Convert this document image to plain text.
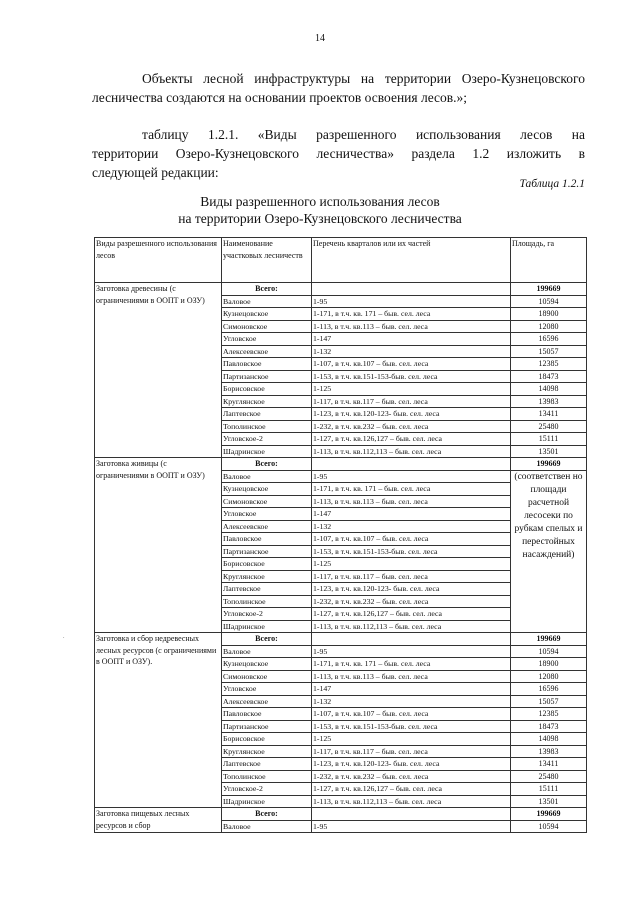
14
Объекты лесной инфраструктуры на территории Озеро-Кузнецовского
лесничества создаются на основании проектов освоения лесов.»;
таблицу 1.2.1. «Виды разрешенного использования лесов на
территории Озеро-Кузнецовского лесничества» раздела 1.2 изложить в
следующей редакции:
Таблица 1.2.1
Виды разрешенного использования лесов
на территории Озеро-Кузнецовского лесничества
Виды разрешенного использования лесов	Наименование участковых лесничеств	Перечень кварталов или их частей	Площадь, га
Заготовка древесины (с ограничениями в ООПТ и ОЗУ)	Всего:		199669
	Валовое	1-95	10594
	Кузнецовское	1-171, в т.ч. кв. 171 – быв. сел. леса	18900
	Симоновское	1-113, в т.ч. кв.113 – быв. сел. леса	12080
	Угловское	1-147	16596
	Алексеевское	1-132	15057
	Павловское	1-107, в т.ч. кв.107 – быв. сел. леса	12385
	Партизанское	1-153, в т.ч. кв.151-153-быв. сел. леса	18473
	Борисовское	1-125	14098
	Круглянское	1-117, в т.ч. кв.117 – быв. сел. леса	13983
	Лаптевское	1-123, в т.ч. кв.120-123- быв. сел. леса	13411
	Тополинское	1-232, в т.ч. кв.232 – быв. сел. леса	25480
	Угловское-2	1-127, в т.ч. кв.126,127 – быв. сел. леса	15111
	Шадринское	1-113, в т.ч. кв.112,113 – быв. сел. леса	13501
Заготовка живицы (с ограничениями в ООПТ и ОЗУ)	Всего:		199669
	Валовое	1-95	(соответствен но площади расчетной лесосеки по рубкам спелых и перестойных насаждений)
	Кузнецовское	1-171, в т.ч. кв. 171 – быв. сел. леса	
	Симоновское	1-113, в т.ч. кв.113 – быв. сел. леса	
	Угловское	1-147	
	Алексеевское	1-132	
	Павловское	1-107, в т.ч. кв.107 – быв. сел. леса	
	Партизанское	1-153, в т.ч. кв.151-153-быв. сел. леса	
	Борисовское	1-125	
	Круглянское	1-117, в т.ч. кв.117 – быв. сел. леса	
	Лаптевское	1-123, в т.ч. кв.120-123- быв. сел. леса	
	Тополинское	1-232, в т.ч. кв.232 – быв. сел. леса	
	Угловское-2	1-127, в т.ч. кв.126,127 – быв. сел. леса	
	Шадринское	1-113, в т.ч. кв.112,113 – быв. сел. леса	
Заготовка и сбор недревесных лесных ресурсов (с ограничениями в ООПТ и ОЗУ).	Всего:		199669
	Валовое	1-95	10594
	Кузнецовское	1-171, в т.ч. кв. 171 – быв. сел. леса	18900
	Симоновское	1-113, в т.ч. кв.113 – быв. сел. леса	12080
	Угловское	1-147	16596
	Алексеевское	1-132	15057
	Павловское	1-107, в т.ч. кв.107 – быв. сел. леса	12385
	Партизанское	1-153, в т.ч. кв.151-153-быв. сел. леса	18473
	Борисовское	1-125	14098
	Круглянское	1-117, в т.ч. кв.117 – быв. сел. леса	13983
	Лаптевское	1-123, в т.ч. кв.120-123- быв. сел. леса	13411
	Тополинское	1-232, в т.ч. кв.232 – быв. сел. леса	25480
	Угловское-2	1-127, в т.ч. кв.126,127 – быв. сел. леса	15111
	Шадринское	1-113, в т.ч. кв.112,113 – быв. сел. леса	13501
Заготовка пищевых лесных ресурсов и сбор	Всего:		199669
	Валовое	1-95	10594
.
